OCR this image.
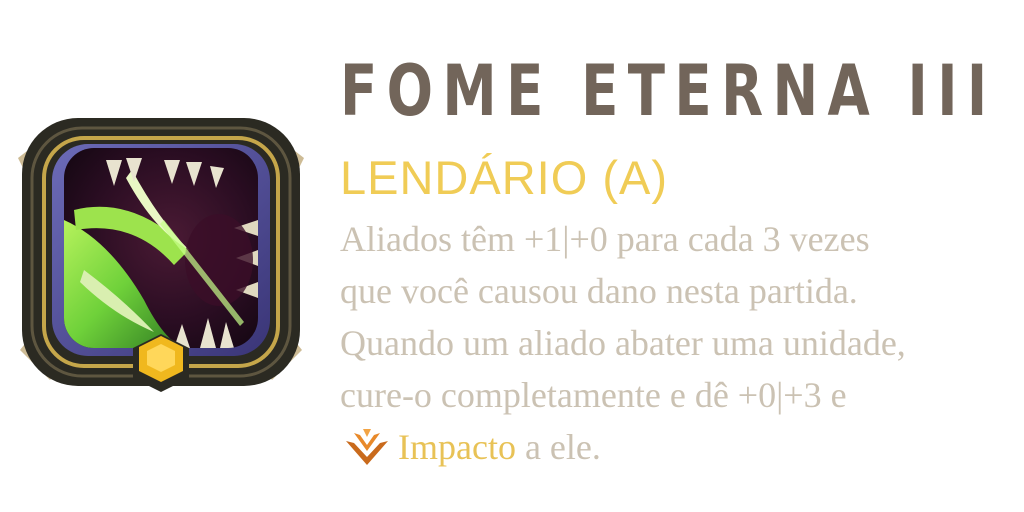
FOME ETERNA III
LENDÁRIO (A)
Aliados têm +1|+0 para cada 3 vezes
que você causou dano nesta partida.
Quando um aliado abater uma unidade,
cure-o completamente e dê +0|+3 e
Impacto a ele.
